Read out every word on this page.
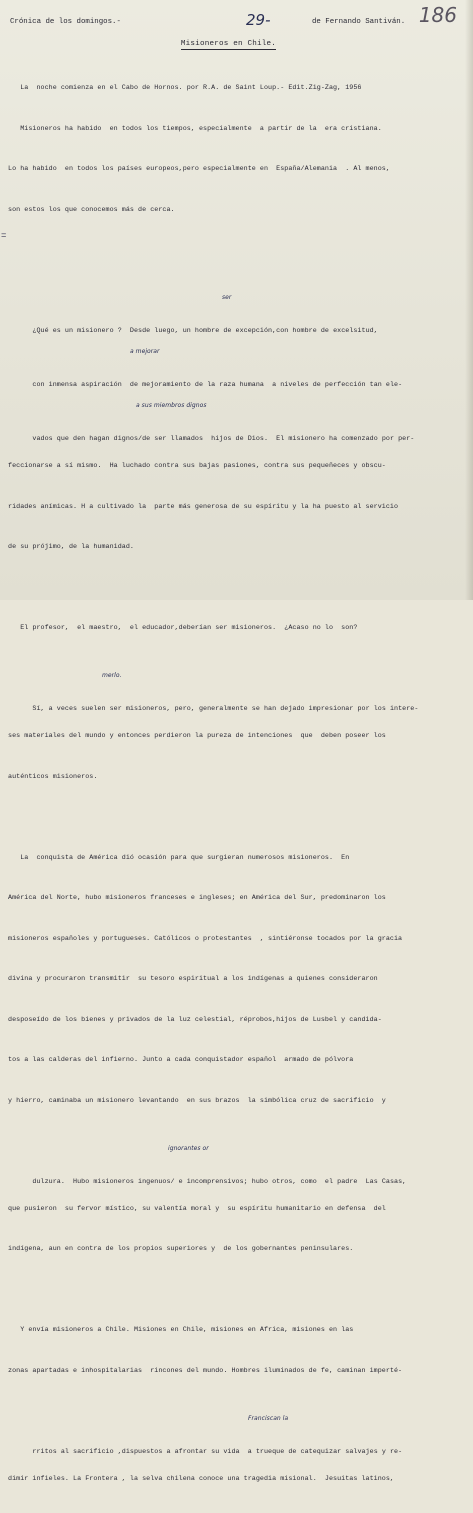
Crónica de los domingos.-	29-	de Fernando Santiván. 186
Misioneros en Chile.
=

La  noche comienza en el Cabo de Hornos. por R.A. de Saint Loup.- Edit.Zig-Zag, 1956

Misioneros ha habido  en todos los tiempos, especialmente  a partir de la  era cristiana.

Lo ha habido  en todos los países europeos,pero especialmente en  España/Alemania  . Al menos,

son estos los que conocemos más de cerca.

ser

¿Qué es un misionero ?  Desde luego, un hombre de excepción,con hombre de excelsitud,

a mejorar

con inmensa aspiración  de mejoramiento de la raza humana  a niveles de perfección tan ele-

a sus miembros dignos

vados que den hagan dignos/de ser llamados  hijos de Dios.  El misionero ha comenzado por per-

feccionarse a sí mismo.  Ha luchado contra sus bajas pasiones, contra sus pequeñeces y obscu-

ridades anímicas. H a cultivado la  parte más generosa de su espíritu y la ha puesto al servicio

de su prójimo, de la humanidad.

El profesor,  el maestro,  el educador,deberían ser misioneros.  ¿Acaso no lo  son?

merlo.

Sí, a veces suelen ser misioneros, pero, generalmente se han dejado impresionar por los intere-

ses materiales del mundo y entonces perdieron la pureza de intenciones  que  deben poseer los

auténticos misioneros.

La  conquista de América dió ocasión para que surgieran numerosos misioneros.  En

América del Norte, hubo misioneros franceses e ingleses; en América del Sur, predominaron los

misioneros españoles y portugueses. Católicos o protestantes  , sintiéronse tocados por la gracia

divina y procuraron transmitir  su tesoro espiritual a los indígenas a quienes consideraron

desposeído de los bienes y privados de la luz celestial, réprobos,hijos de Lusbel y candida-

tos a las calderas del infierno. Junto a cada conquistador español  armado de pólvora

y hierro, caminaba un misionero levantando  en sus brazos  la simbólica cruz de sacrificio  y

ignorantes or

dulzura.  Hubo misioneros ingenuos/ e incomprensivos; hubo otros, como  el padre  Las Casas,

que pusieron  su fervor místico, su valentía moral y  su espíritu humanitario en defensa  del

indígena, aun en contra de los propios superiores y  de los gobernantes peninsulares.

Y envía misioneros a Chile. Misiones en Chile, misiones en Africa, misiones en las

zonas apartadas e inhospitalarias  rincones del mundo. Hombres iluminados de fe, caminan imperté-

Franciscan la

rritos al sacrificio ,dispuestos a afrontar su vida  a trueque de catequizar salvajes y re-

dimir infieles. La Frontera , la selva chilena conoce una tragedia misional.  Jesuitas latinos,
